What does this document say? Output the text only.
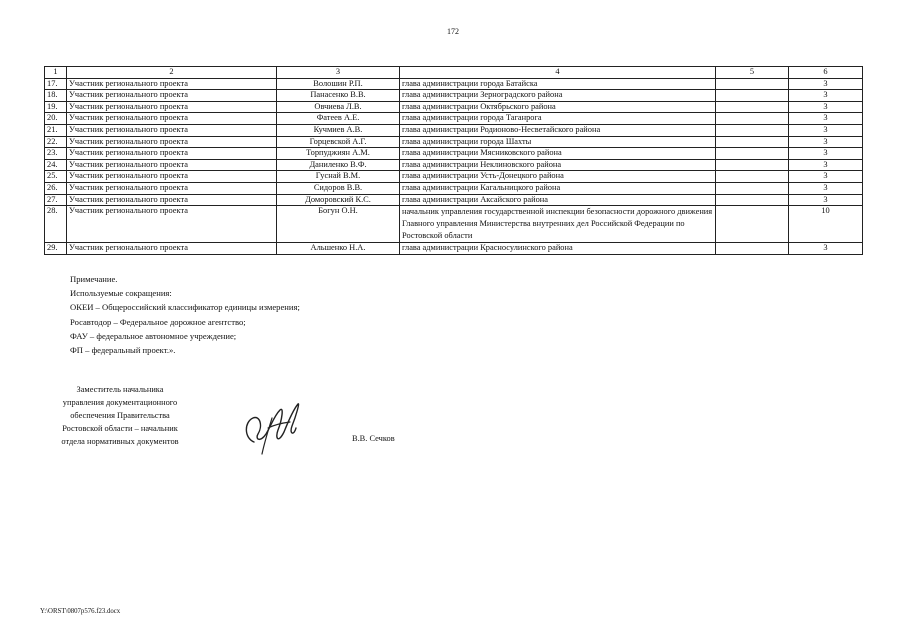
172
1	2	3	4	5	6
17.	Участник регионального проекта	Волошин Р.П.	глава администрации города Батайска		3
18.	Участник регионального проекта	Панасенко В.В.	глава администрации Зерноградского района		3
19.	Участник регионального проекта	Овчиева Л.В.	глава администрации Октябрьского района		3
20.	Участник регионального проекта	Фатеев А.Е.	глава администрации города Таганрога		3
21.	Участник регионального проекта	Кучмиев А.В.	глава администрации Родионово-Несветайского района		3
22.	Участник регионального проекта	Горцевской А.Г.	глава администрации города Шахты		3
23.	Участник регионального проекта	Торпуджиян А.М.	глава администрации Мясниковского района		3
24.	Участник регионального проекта	Даниленко В.Ф.	глава администрации Неклиновского района		3
25.	Участник регионального проекта	Гуснай В.М.	глава администрации Усть-Донецкого района		3
26.	Участник регионального проекта	Сидоров В.В.	глава администрации Кагальницкого района		3
27.	Участник регионального проекта	Доморовский К.С.	глава администрации Аксайского района		3
28.	Участник регионального проекта	Богун О.Н.	начальник управления государственной инспекции безопасности дорожного движения Главного управления Министерства внутренних дел Российской Федерации по Ростовской области		10
29.	Участник регионального проекта	Альшенко Н.А.	глава администрации Красносулинского района		3
Примечание.
Используемые сокращения:
ОКЕИ – Общероссийский классификатор единицы измерения;
Росавтодор – Федеральное дорожное агентство;
ФАУ – федеральное автономное учреждение;
ФП – федеральный проект.».
Заместитель начальника
управления документационного
обеспечения Правительства
Ростовской области – начальник
отдела нормативных документов	В.В. Сечков
Y:\ORST\0807p576.f23.docx
